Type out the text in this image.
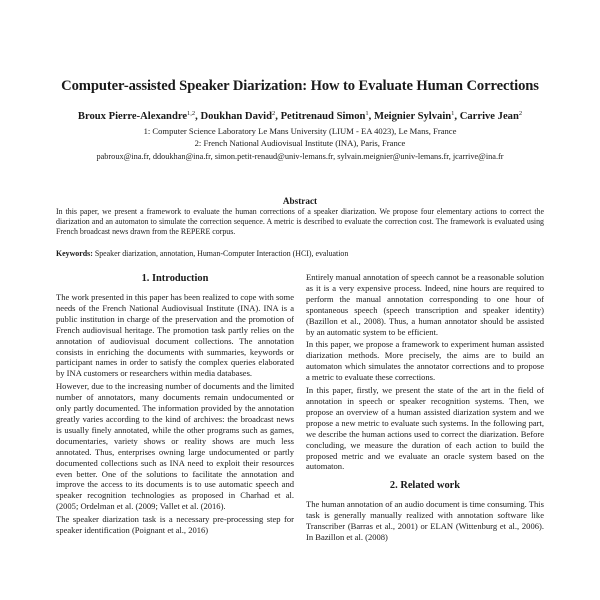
Computer-assisted Speaker Diarization: How to Evaluate Human Corrections
Broux Pierre-Alexandre$^{1,2}$, Doukhan David$^2$, Petitrenaud Simon$^1$, Meignier Sylvain$^1$, Carrive Jean$^2$
1: Computer Science Laboratory Le Mans University (LIUM - EA 4023), Le Mans, France
2: French National Audiovisual Institute (INA), Paris, France
pabroux@ina.fr, ddoukhan@ina.fr, simon.petit-renaud@univ-lemans.fr, sylvain.meignier@univ-lemans.fr, jcarrive@ina.fr
Abstract

In this paper, we present a framework to evaluate the human corrections of a speaker diarization. We propose four elementary actions to correct the diarization and an automaton to simulate the correction sequence. A metric is described to evaluate the correction cost. The framework is evaluated using French broadcast news drawn from the REPERE corpus.

Keywords: Speaker diarization, annotation, Human-Computer Interaction (HCI), evaluation

1. Introduction

The work presented in this paper has been realized to cope with some needs of the French National Audiovisual Institute (INA). INA is a public institution in charge of the preservation and the promotion of French audiovisual heritage. The promotion task partly relies on the annotation of audiovisual document collections. The annotation consists in enriching the documents with summaries, keywords or participant names in order to satisfy the complex queries elaborated by INA customers or researchers within media databases.

However, due to the increasing number of documents and the limited number of annotators, many documents remain undocumented or only partly documented. The information provided by the annotation greatly varies according to the kind of archives: the broadcast news is usually finely annotated, while the other programs such as games, documentaries, variety shows or reality shows are much less annotated. Thus, enterprises owning large undocumented or partly documented collections such as INA need to exploit their resources even better. One of the solutions to facilitate the annotation and improve the access to its documents is to use automatic speech and speaker recognition technologies as proposed in Charhad et al. (2005; Ordelman et al. (2009; Vallet et al. (2016).

The speaker diarization task is a necessary pre-processing step for speaker identification (Poignant et al., 2016)

Entirely manual annotation of speech cannot be a reasonable solution as it is a very expensive process. Indeed, nine hours are required to perform the manual annotation corresponding to one hour of spontaneous speech (speech transcription and speaker identity) (Bazillon et al., 2008). Thus, a human annotator should be assisted by an automatic system to be efficient.

In this paper, we propose a framework to experiment human assisted diarization methods. More precisely, the aims are to build an automaton which simulates the annotator corrections and to propose a metric to evaluate these corrections.

In this paper, firstly, we present the state of the art in the field of annotation in speech or speaker recognition systems. Then, we propose an overview of a human assisted diarization system and we propose a new metric to evaluate such systems. In the following part, we describe the human actions used to correct the diarization. Before concluding, we measure the duration of each action to build the proposed metric and we evaluate an oracle system based on the automaton.

2. Related work

The human annotation of an audio document is time consuming. This task is generally manually realized with annotation software like Transcriber (Barras et al., 2001) or ELAN (Wittenburg et al., 2006). In Bazillon et al. (2008)
